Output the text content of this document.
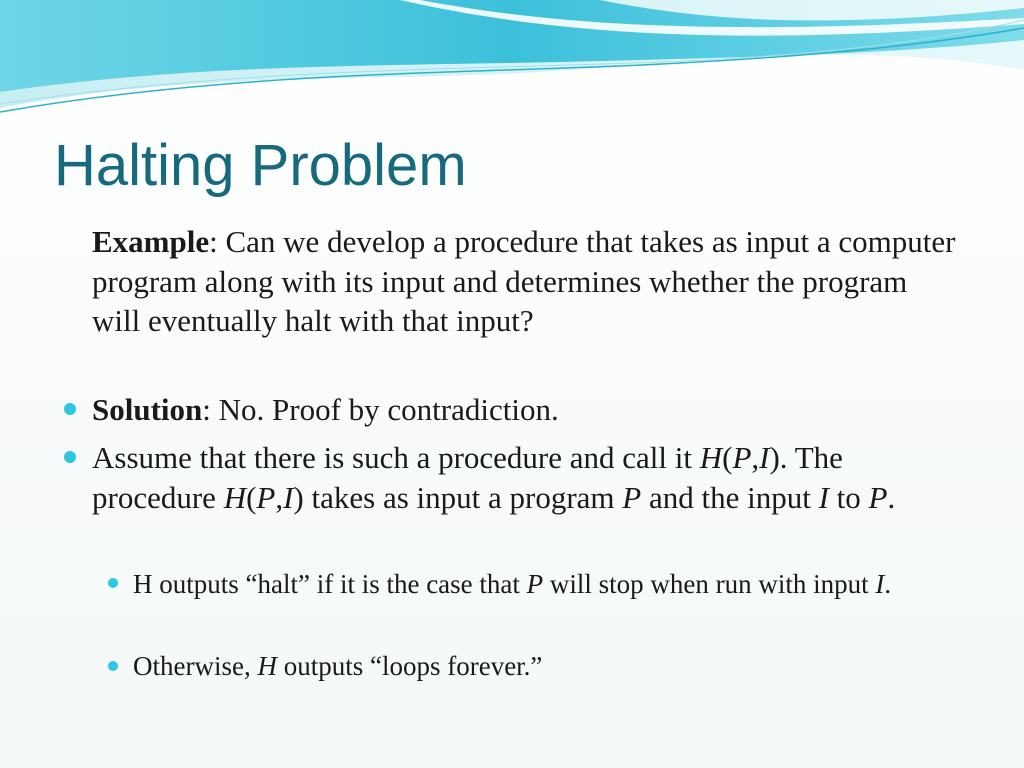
Halting Problem

Example: Can we develop a procedure that takes as input a computer program along with its input and determines whether the program will eventually halt with that input?

Solution: No. Proof by contradiction.

Assume that there is such a procedure and call it H(P,I). The procedure H(P,I) takes as input a program P and the input I to P.

H outputs “halt” if it is the case that P will stop when run with input I.

Otherwise, H outputs “loops forever.”
